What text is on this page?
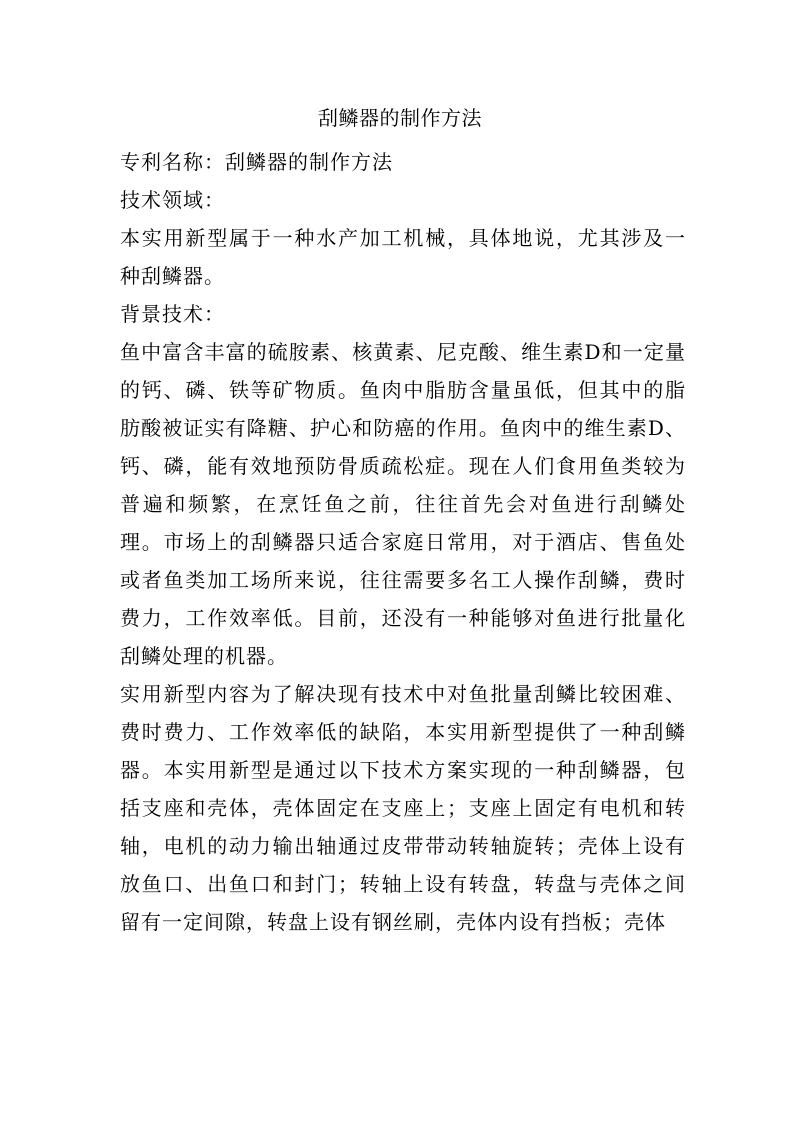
刮鳞器的制作方法

专利名称：刮鳞器的制作方法

技术领域：

本实用新型属于一种水产加工机械，具体地说，尤其涉及一种刮鳞器。

背景技术：

鱼中富含丰富的硫胺素、核黄素、尼克酸、维生素D和一定量的钙、磷、铁等矿物质。鱼肉中脂肪含量虽低，但其中的脂肪酸被证实有降糖、护心和防癌的作用。鱼肉中的维生素D、钙、磷，能有效地预防骨质疏松症。现在人们食用鱼类较为普遍和频繁，在烹饪鱼之前，往往首先会对鱼进行刮鳞处理。市场上的刮鳞器只适合家庭日常用，对于酒店、售鱼处或者鱼类加工场所来说，往往需要多名工人操作刮鳞，费时费力，工作效率低。目前，还没有一种能够对鱼进行批量化刮鳞处理的机器。

实用新型内容为了解决现有技术中对鱼批量刮鳞比较困难、费时费力、工作效率低的缺陷，本实用新型提供了一种刮鳞器。本实用新型是通过以下技术方案实现的一种刮鳞器，包括支座和壳体，壳体固定在支座上；支座上固定有电机和转轴，电机的动力输出轴通过皮带带动转轴旋转；壳体上设有放鱼口、出鱼口和封门；转轴上设有转盘，转盘与壳体之间留有一定间隙，转盘上设有钢丝刷，壳体内设有挡板；壳体
